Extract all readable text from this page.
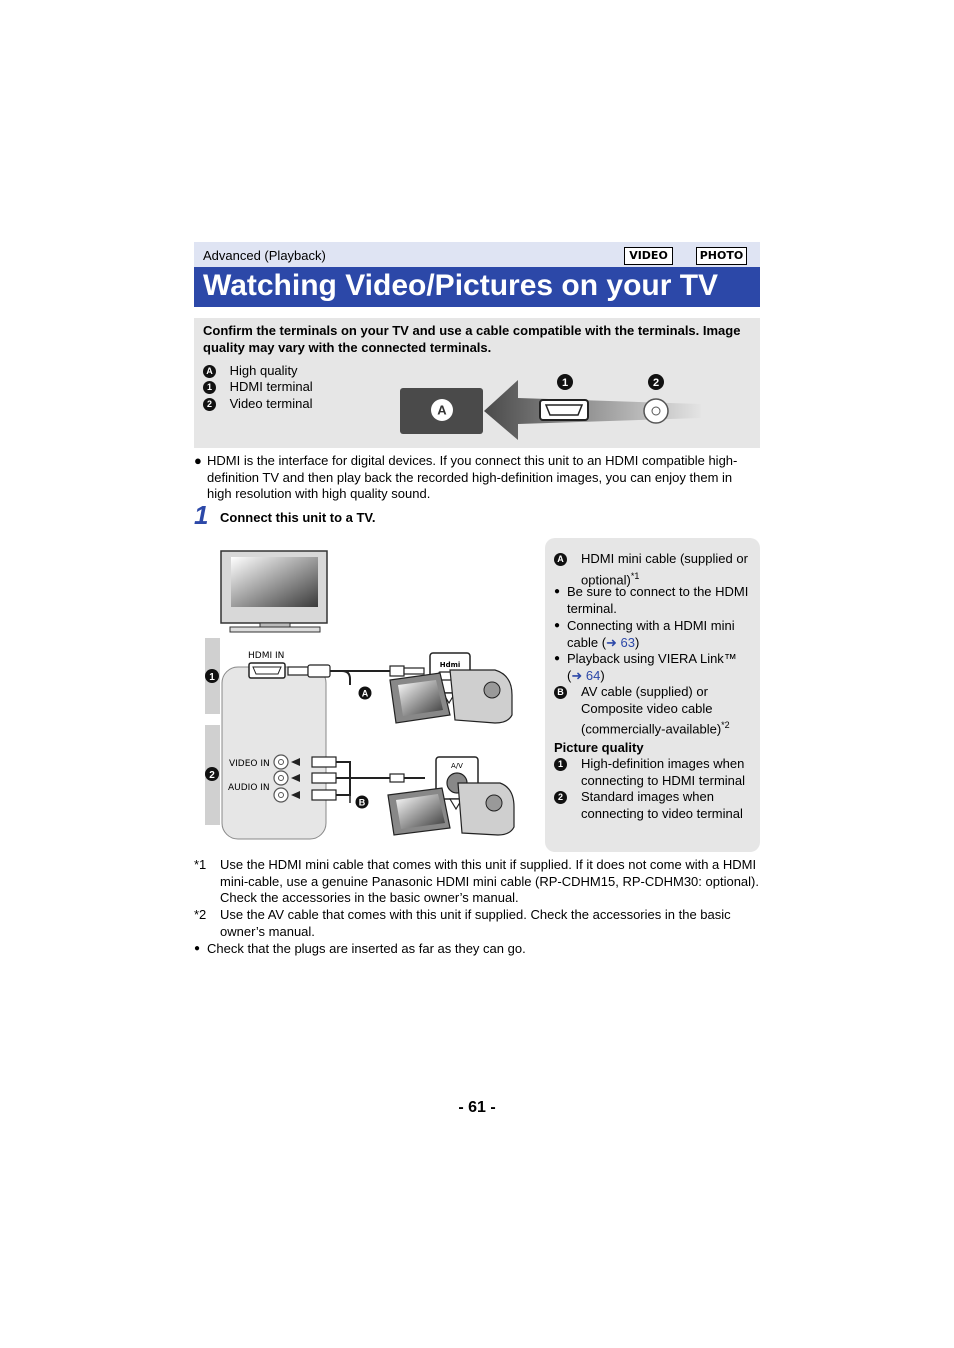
Advanced (Playback)	VIDEO	PHOTO
Watching Video/Pictures on your TV
Confirm the terminals on your TV and use a cable compatible with the terminals. Image quality may vary with the connected terminals.
A High quality
1 HDMI terminal
2 Video terminal	A
1	2
● HDMI is the interface for digital devices. If you connect this unit to an HDMI compatible high-definition TV and then play back the recorded high-definition images, you can enjoy them in high resolution with high quality sound.
1 Connect this unit to a TV.
1
2
HDMI IN
A
Hdmi
VIDEO IN
AUDIO IN
B
A/V
A HDMI mini cable (supplied or optional)$^{*1}$
● Be sure to connect to the HDMI terminal.
● Connecting with a HDMI mini cable (➜ 63)
● Playback using VIERA Link™ (➜ 64)
B AV cable (supplied) or Composite video cable (commercially-available)$^{*2}$
Picture quality
1	High-definition images when connecting to HDMI terminal
2	Standard images when connecting to video terminal
*1 Use the HDMI mini cable that comes with this unit if supplied. If it does not come with a HDMI mini-cable, use a genuine Panasonic HDMI mini cable (RP-CDHM15, RP-CDHM30: optional). Check the accessories in the basic owner’s manual.
*2 Use the AV cable that comes with this unit if supplied. Check the accessories in the basic owner’s manual.
● Check that the plugs are inserted as far as they can go.
- 61 -
